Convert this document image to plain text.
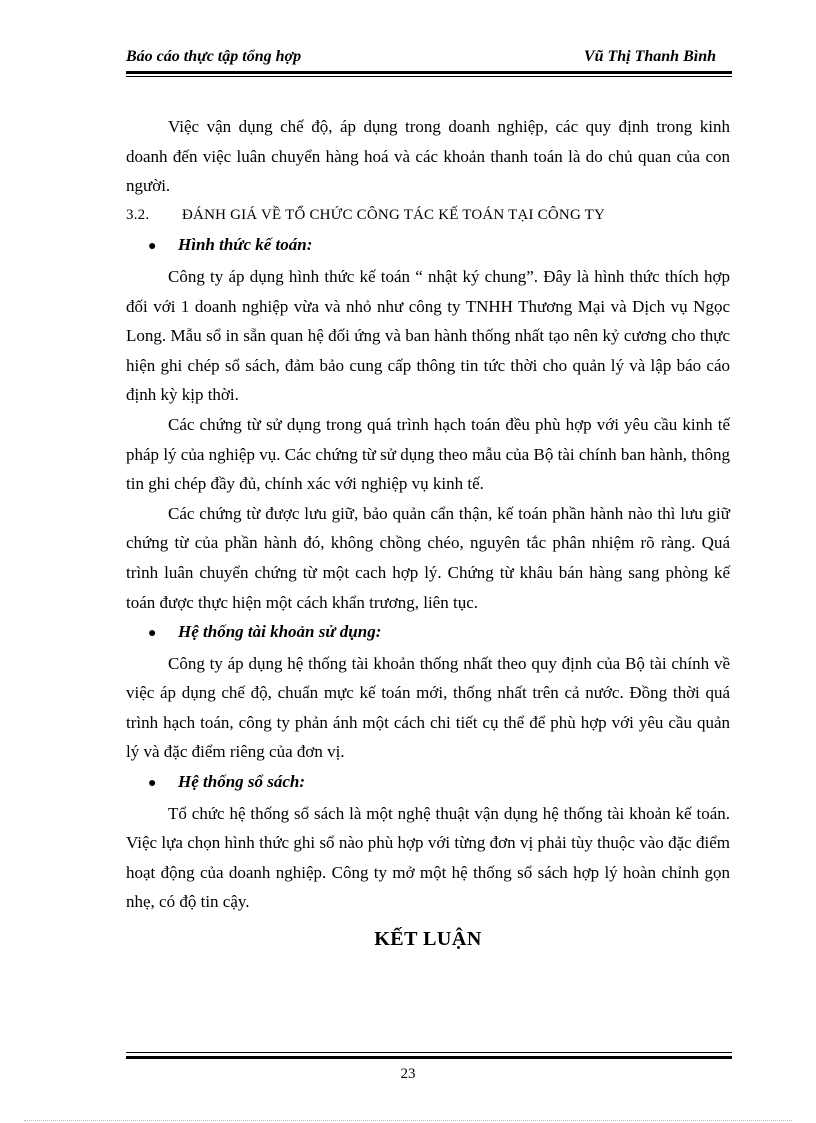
Báo cáo thực tập tổng hợp	Vũ Thị Thanh Bình

Việc vận dụng chế độ, áp dụng trong doanh nghiệp, các quy định trong kinh doanh đến việc luân chuyển hàng hoá và các khoản thanh toán là do chủ quan của con người.

3.2. ĐÁNH GIÁ VỀ TỔ CHỨC CÔNG TÁC KẾ TOÁN TẠI CÔNG TY

● Hình thức kế toán:

Công ty áp dụng hình thức kế toán “ nhật ký chung”. Đây là hình thức thích hợp đối với 1 doanh nghiệp vừa và nhỏ như công ty TNHH Thương Mại và Dịch vụ Ngọc Long. Mẫu sổ in sẵn quan hệ đối ứng và ban hành thống nhất tạo nên kỷ cương cho thực hiện ghi chép sổ sách, đảm bảo cung cấp thông tin tức thời cho quản lý và lập báo cáo định kỳ kịp thời.

Các chứng từ sử dụng trong quá trình hạch toán đều phù hợp với yêu cầu kinh tế pháp lý của nghiệp vụ. Các chứng từ sử dụng theo mẫu của Bộ tài chính ban hành, thông tin ghi chép đầy đủ, chính xác với nghiệp vụ kinh tế.

Các chứng từ được lưu giữ, bảo quản cẩn thận, kế toán phần hành nào thì lưu giữ chứng từ của phần hành đó, không chồng chéo, nguyên tắc phân nhiệm rõ ràng. Quá trình luân chuyển chứng từ một cach hợp lý. Chứng từ khâu bán hàng sang phòng kế toán được thực hiện một cách khẩn trương, liên tục.

● Hệ thống tài khoản sử dụng:

Công ty áp dụng hệ thống tài khoản thống nhất theo quy định của Bộ tài chính về việc áp dụng chế độ, chuẩn mực kế toán mới, thống nhất trên cả nước. Đồng thời quá trình hạch toán, công ty phản ánh một cách chi tiết cụ thể để phù hợp với yêu cầu quản lý và đặc điểm riêng của đơn vị.

● Hệ thống sổ sách:

Tổ chức hệ thống sổ sách là một nghệ thuật vận dụng hệ thống tài khoản kế toán. Việc lựa chọn hình thức ghi sổ nào phù hợp với từng đơn vị phải tùy thuộc vào đặc điểm hoạt động của doanh nghiệp. Công ty mở một hệ thống sổ sách hợp lý hoàn chỉnh gọn nhẹ, có độ tin cậy.

KẾT LUẬN
23
